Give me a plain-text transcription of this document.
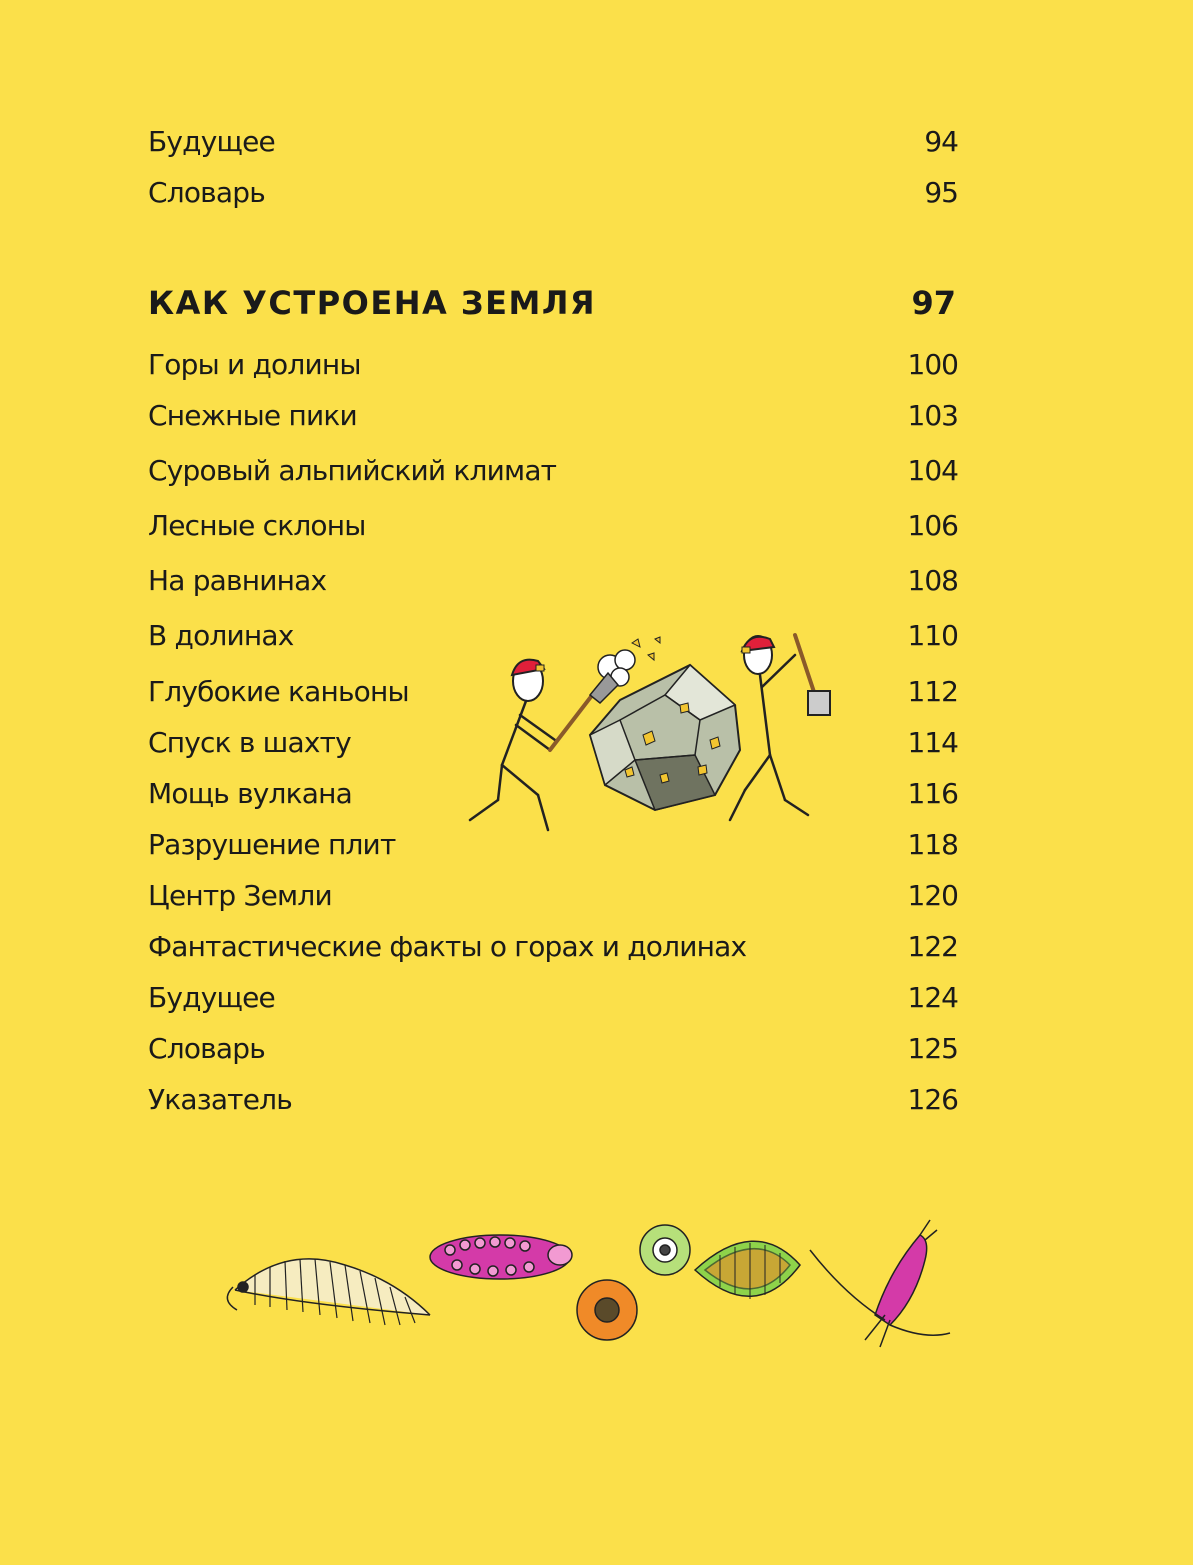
Будущее	94
Словарь	95
КАК УСТРОЕНА ЗЕМЛЯ	97
Горы и долины	100
Снежные пики	103
Суровый альпийский климат	104
Лесные склоны	106
На равнинах	108
В долинах	110
Глубокие каньоны	112
Спуск в шахту	114
Мощь вулкана	116
Разрушение плит	118
Центр Земли	120
Фантастические факты о горах и долинах	122
Будущее	124
Словарь	125
Указатель	126
